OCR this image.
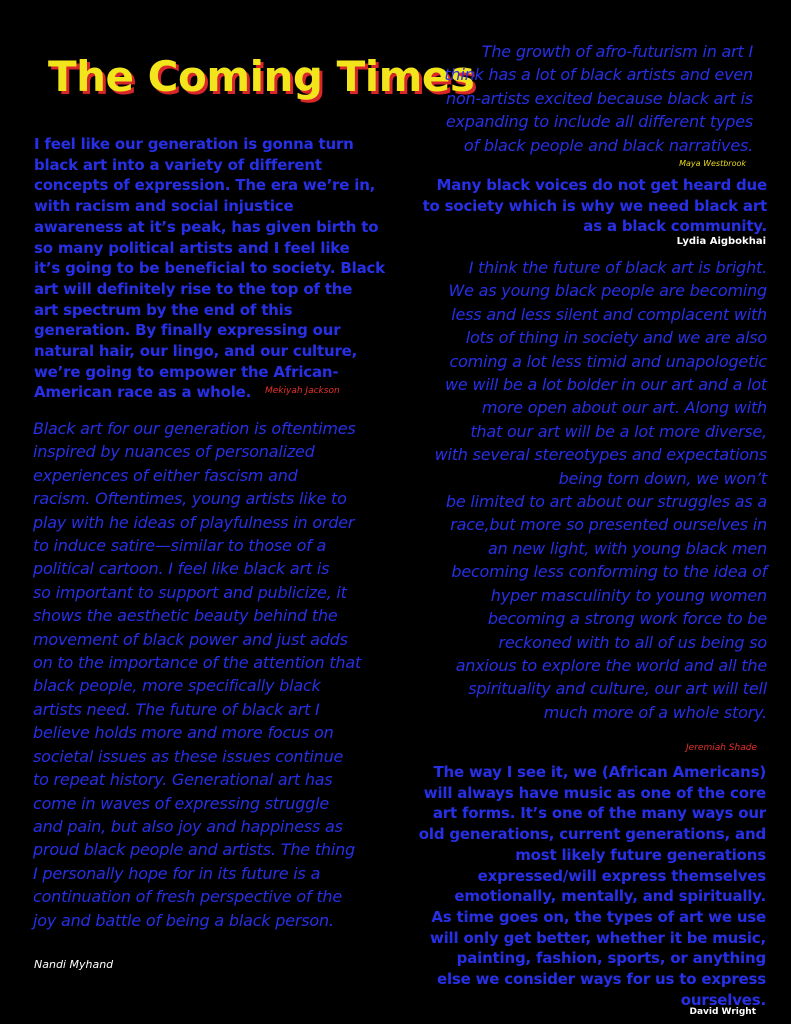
The Coming Times
I feel like our generation is gonna turn
black art into a variety of different
concepts of expression. The era we’re in,
with racism and social injustice
awareness at it’s peak, has given birth to
so many political artists and I feel like
it’s going to be beneficial to society. Black
art will definitely rise to the top of the
art spectrum by the end of this
generation. By finally expressing our
natural hair, our lingo, and our culture,
we’re going to empower the African-
American race as a whole.	Mekiyah Jackson
Black art for our generation is oftentimes
inspired by nuances of personalized
experiences of either fascism and
racism. Oftentimes, young artists like to
play with he ideas of playfulness in order
to induce satire—similar to those of a
political cartoon. I feel like black art is
so important to support and publicize, it
shows the aesthetic beauty behind the
movement of black power and just adds
on to the importance of the attention that
black people, more specifically black
artists need. The future of black art I
believe holds more and more focus on
societal issues as these issues continue
to repeat history. Generational art has
come in waves of expressing struggle
and pain, but also joy and happiness as
proud black people and artists. The thing
I personally hope for in its future is a
continuation of fresh perspective of the
joy and battle of being a black person.
Nandi Myhand
The growth of afro-futurism in art I
think has a lot of black artists and even
non-artists excited because black art is
expanding to include all different types
of black people and black narratives.
Maya Westbrook
Many black voices do not get heard due
to society which is why we need black art
as a black community.
Lydia Aigbokhai
I think the future of black art is bright.
We as young black people are becoming
less and less silent and complacent with
lots of thing in society and we are also
coming a lot less timid and unapologetic
we will be a lot bolder in our art and a lot
more open about our art. Along with
that our art will be a lot more diverse,
with several stereotypes and expectations
being torn down, we won’t
be limited to art about our struggles as a
race,but more so presented ourselves in
an new light, with young black men
becoming less conforming to the idea of
hyper masculinity to young women
becoming a strong work force to be
reckoned with to all of us being so
anxious to explore the world and all the
spirituality and culture, our art will tell
much more of a whole story.
Jeremiah Shade
The way I see it, we (African Americans)
will always have music as one of the core
art forms. It’s one of the many ways our
old generations, current generations, and
most likely future generations
expressed/will express themselves
emotionally, mentally, and spiritually.
As time goes on, the types of art we use
will only get better, whether it be music,
painting, fashion, sports, or anything
else we consider ways for us to express
ourselves.
David Wright
